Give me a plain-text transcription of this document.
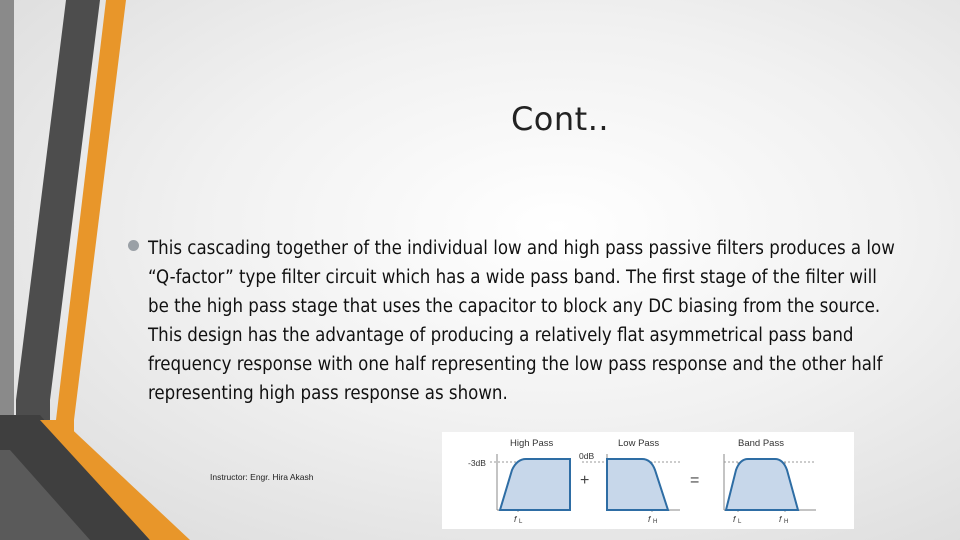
Cont..
This cascading together of the individual low and high pass passive filters produces a low “Q-factor” type filter circuit which has a wide pass band. The first stage of the filter will be the high pass stage that uses the capacitor to block any DC biasing from the source. This design has the advantage of producing a relatively flat asymmetrical pass band frequency response with one half representing the low pass response and the other half representing high pass response as shown.
Instructor: Engr. Hira Akash
High Pass
-3dB
f L
+
Low Pass
0dB
f H
=
Band Pass
f L	f H
